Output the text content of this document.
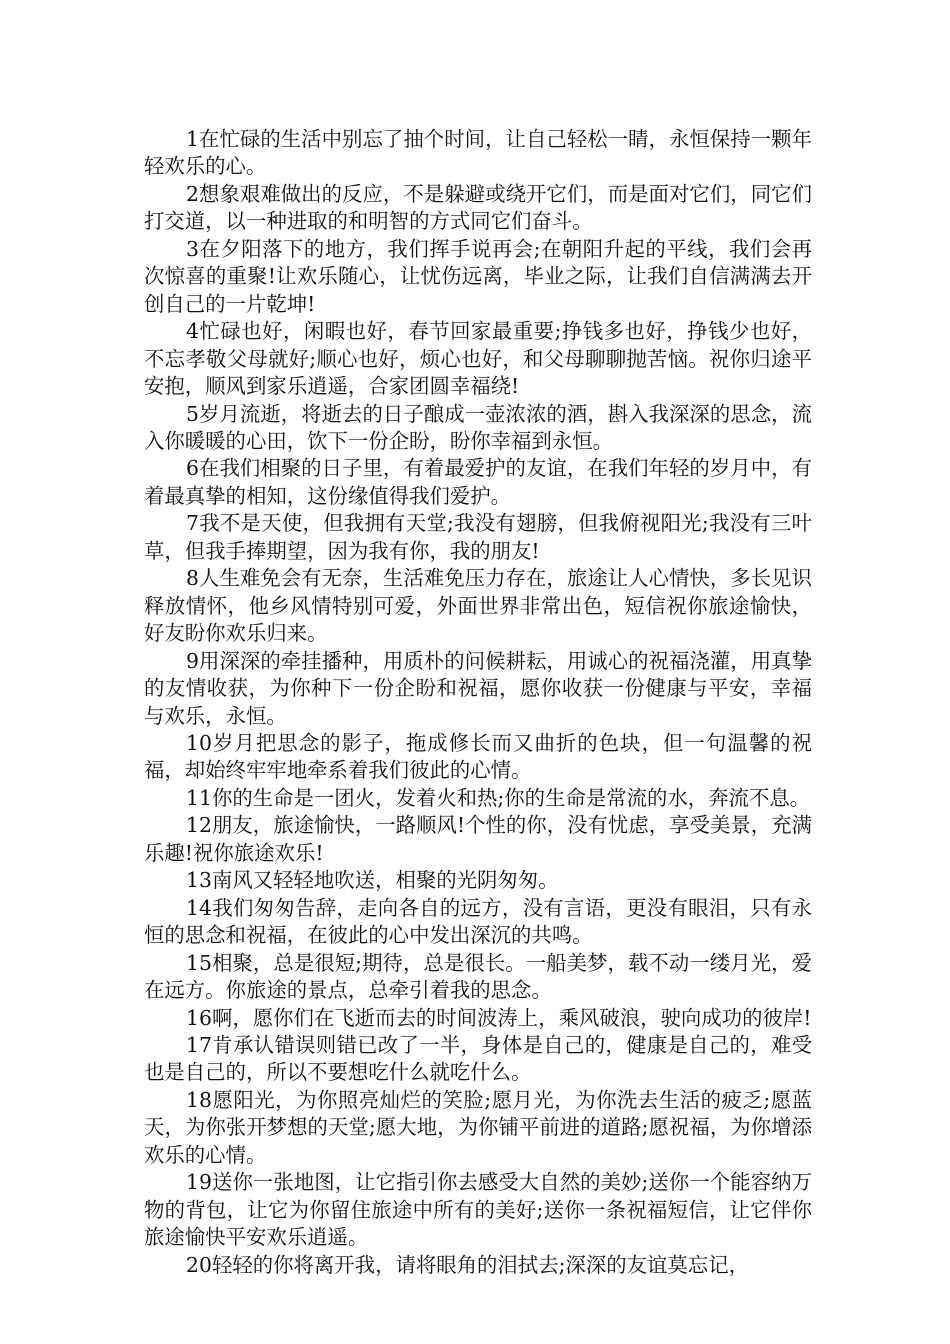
1在忙碌的生活中别忘了抽个时间，让自己轻松一睛，永恒保持一颗年轻欢乐的心。

2想象艰难做出的反应，不是躲避或绕开它们，而是面对它们，同它们打交道，以一种进取的和明智的方式同它们奋斗。

3在夕阳落下的地方，我们挥手说再会;在朝阳升起的平线，我们会再次惊喜的重聚!让欢乐随心，让忧伤远离，毕业之际，让我们自信满满去开创自己的一片乾坤!

4忙碌也好，闲暇也好，春节回家最重要;挣钱多也好，挣钱少也好，不忘孝敬父母就好;顺心也好，烦心也好，和父母聊聊抛苦恼。祝你归途平安抱，顺风到家乐逍遥，合家团圆幸福绕!

5岁月流逝，将逝去的日子酿成一壶浓浓的酒，斟入我深深的思念，流入你暖暖的心田，饮下一份企盼，盼你幸福到永恒。

6在我们相聚的日子里，有着最爱护的友谊，在我们年轻的岁月中，有着最真挚的相知，这份缘值得我们爱护。

7我不是天使，但我拥有天堂;我没有翅膀，但我俯视阳光;我没有三叶草，但我手捧期望，因为我有你，我的朋友!

8人生难免会有无奈，生活难免压力存在，旅途让人心情快，多长见识释放情怀，他乡风情特别可爱，外面世界非常出色，短信祝你旅途愉快，好友盼你欢乐归来。

9用深深的牵挂播种，用质朴的问候耕耘，用诚心的祝福浇灌，用真挚的友情收获，为你种下一份企盼和祝福，愿你收获一份健康与平安，幸福与欢乐，永恒。

10岁月把思念的影子，拖成修长而又曲折的色块，但一句温馨的祝福，却始终牢牢地牵系着我们彼此的心情。

11你的生命是一团火，发着火和热;你的生命是常流的水，奔流不息。

12朋友，旅途愉快，一路顺风!个性的你，没有忧虑，享受美景，充满乐趣!祝你旅途欢乐!

13南风又轻轻地吹送，相聚的光阴匆匆。

14我们匆匆告辞，走向各自的远方，没有言语，更没有眼泪，只有永恒的思念和祝福，在彼此的心中发出深沉的共鸣。

15相聚，总是很短;期待，总是很长。一船美梦，载不动一缕月光，爱在远方。你旅途的景点，总牵引着我的思念。

16啊，愿你们在飞逝而去的时间波涛上，乘风破浪，驶向成功的彼岸!

17肯承认错误则错已改了一半，身体是自己的，健康是自己的，难受也是自己的，所以不要想吃什么就吃什么。

18愿阳光，为你照亮灿烂的笑脸;愿月光，为你洗去生活的疲乏;愿蓝天，为你张开梦想的天堂;愿大地，为你铺平前进的道路;愿祝福，为你增添欢乐的心情。

19送你一张地图，让它指引你去感受大自然的美妙;送你一个能容纳万物的背包，让它为你留住旅途中所有的美好;送你一条祝福短信，让它伴你旅途愉快平安欢乐逍遥。

20轻轻的你将离开我，请将眼角的泪拭去;深深的友谊莫忘记，
